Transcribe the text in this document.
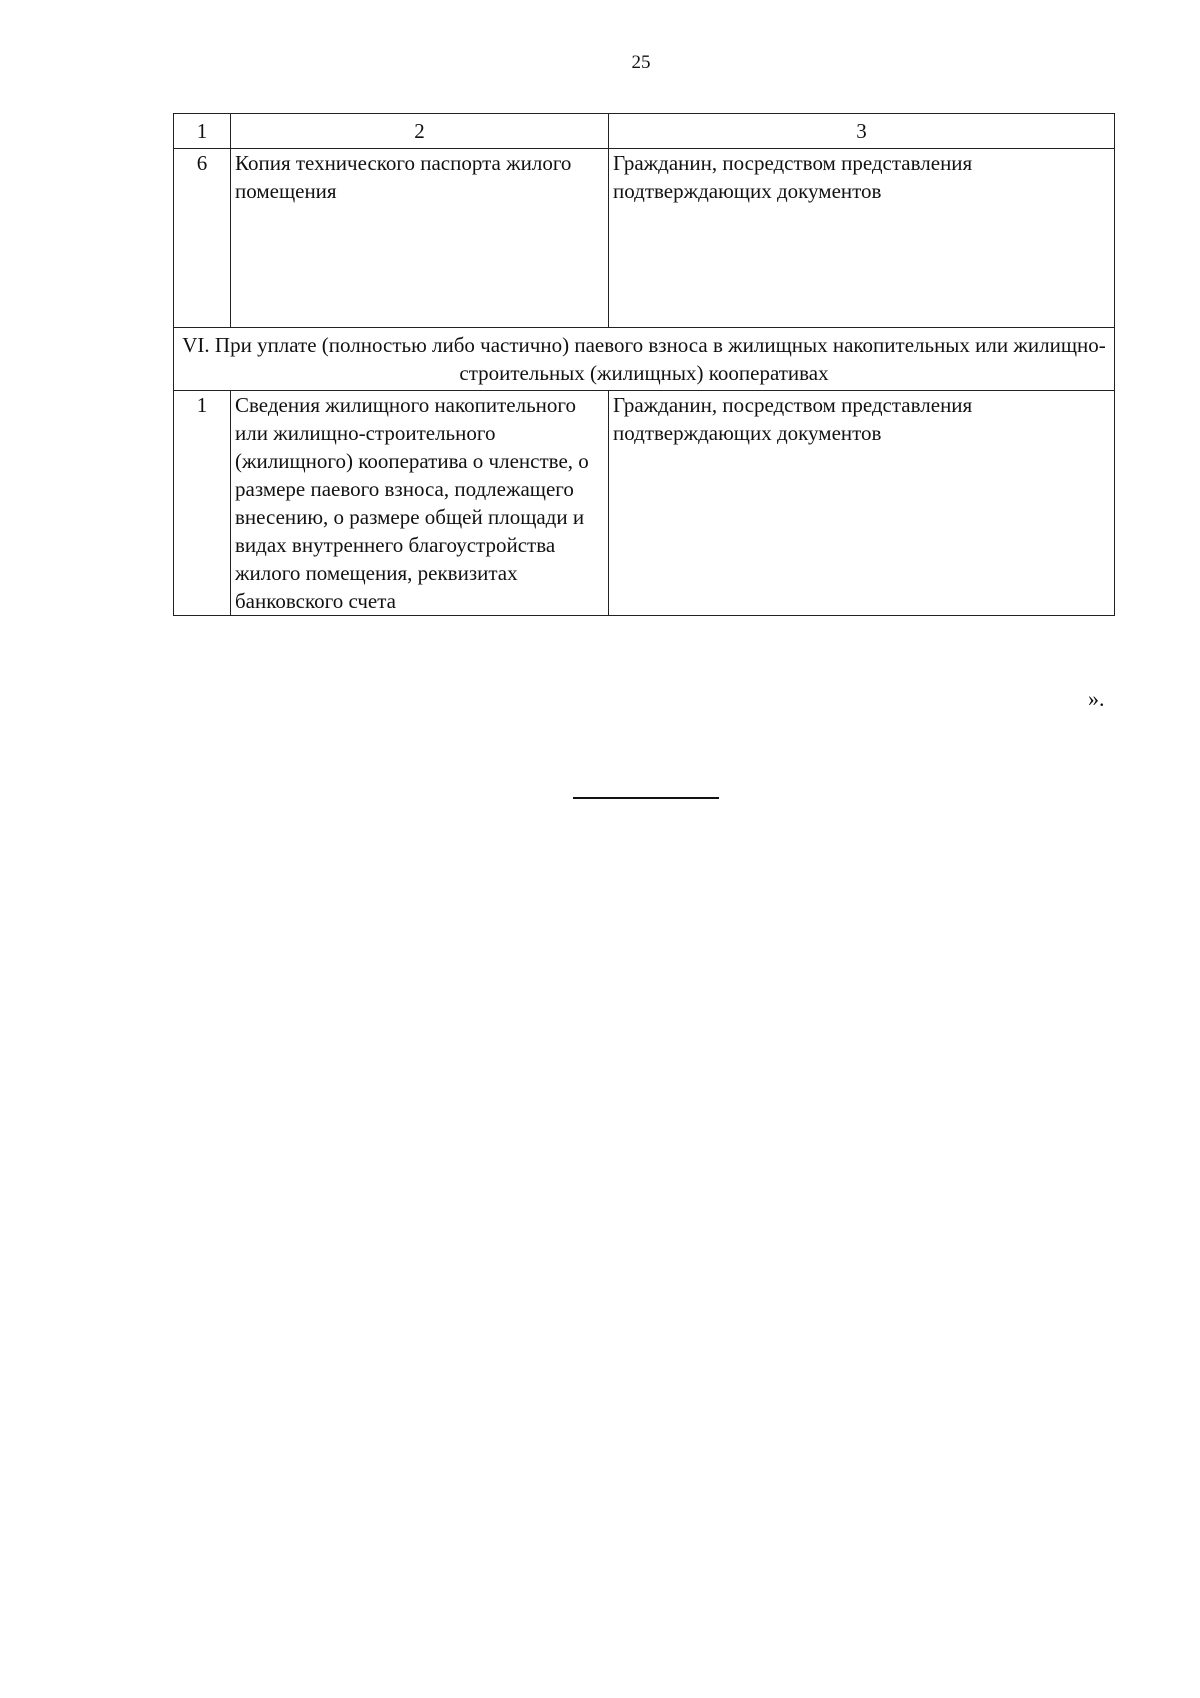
25
1	2	3
6	Копия технического паспорта жилого помещения	Гражданин, посредством представления подтверждающих документов
VI. При уплате (полностью либо частично) паевого взноса в жилищных накопительных или жилищно-строительных (жилищных) кооперативах		
1	Сведения жилищного накопительного или жилищно-строительного (жилищного) кооператива о членстве, о размере паевого взноса, подлежащего внесению, о размере общей площади и видах внутреннего благоустройства жилого помещения, реквизитах банковского счета	Гражданин, посредством представления подтверждающих документов
».
